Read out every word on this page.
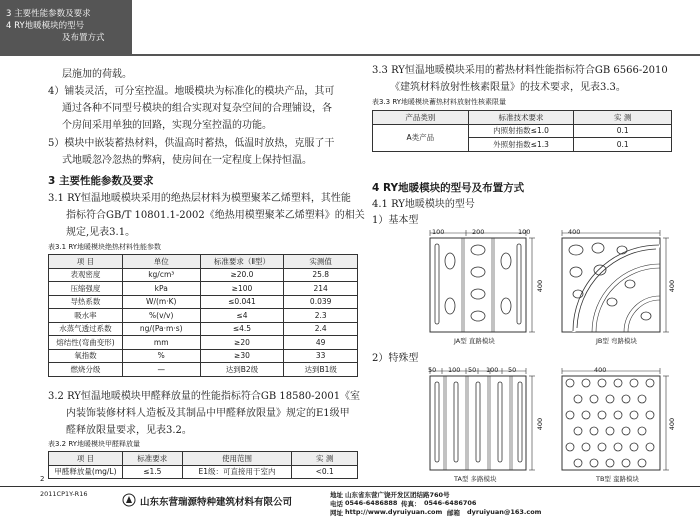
3 主要性能参数及要求
4 RY地暖模块的型号
及布置方式
层施加的荷载。
4）铺装灵活，可分室控温。地暖模块为标准化的模块产品，其可
通过各种不同型号模块的组合实现对复杂空间的合理铺设，各
个房间采用单独的回路，实现分室控温的功能。
5）模块中嵌装蓄热材料，供温高时蓄热，低温时放热，克服了干
式地暖忽冷忽热的弊病，使房间在一定程度上保持恒温。
3 主要性能参数及要求
3.1 RY恒温地暖模块采用的绝热层材料为模塑聚苯乙烯塑料，其性能
指标符合GB/T 10801.1-2002《绝热用模塑聚苯乙烯塑料》的相关
规定,见表3.1。
表3.1 RY地暖模块绝热材料性能参数
项 目	单位	标准要求（Ⅱ型）	实测值
表观密度	kg/cm³	≥20.0	25.8
压缩强度	kPa	≥100	214
导热系数	W/(m·K)	≤0.041	0.039
吸水率	%(v/v)	≤4	2.3
水蒸气透过系数	ng/(Pa·m·s)	≤4.5	2.4
熔结性(弯曲变形)	mm	≥20	49
氧指数	%	≥30	33
燃烧分级	—	达到B2级	达到B1级
3.2 RY恒温地暖模块甲醛释放量的性能指标符合GB 18580-2001《室
内装饰装修材料人造板及其制品中甲醛释放限量》规定的E1级甲
醛释放限量要求，见表3.2。
表3.2 RY地暖模块甲醛释放量
项 目	标准要求	使用范围	实 测
甲醛释放量(mg/L)	≤1.5	E1级：可直接用于室内	<0.1
3.3 RY恒温地暖模块采用的蓄热材料性能指标符合GB 6566-2010
《建筑材料放射性核素限量》的技术要求，见表3.3。
表3.3 RY地暖模块蓄热材料放射性核素限量
产品类别	标准技术要求	实 测
A类产品	内照射指数≤1.0	0.1
	外照射指数≤1.3	0.1
4 RY地暖模块的型号及布置方式
4.1 RY地暖模块的型号
1）基本型
100	200	100
400
JA型 直路模块
400
400
JB型 弯路模块
2）特殊型
50 100 50 100 50
400
TA型 多路模块
400
400
TB型 蛮路模块
2
2011CP1Y-R16
山东东营瑞源特种建筑材料有限公司
地址 山东省东营广饶开发区团结路760号
电话 0546-6486888 传真： 0546-6486706
网址 http://www.dyruiyuan.com 邮箱 dyruiyuan@163.com
